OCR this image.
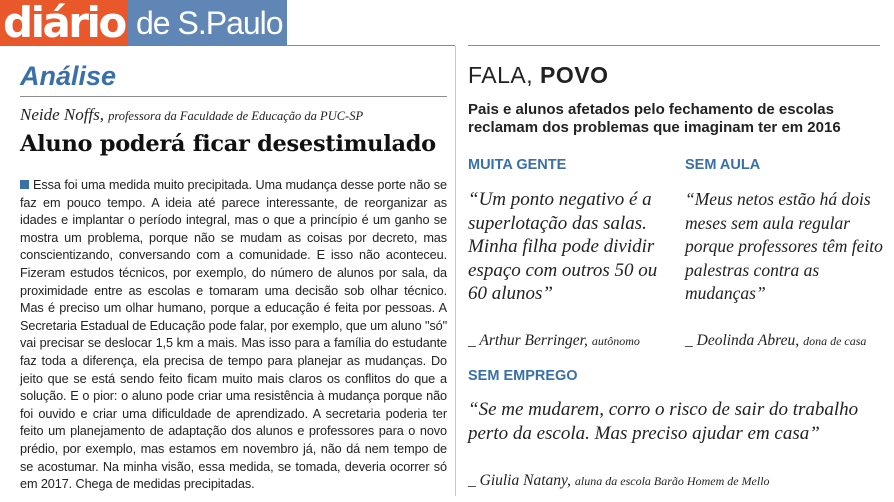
diário de S.Paulo
Análise
Neide Noffs, professora da Faculdade de Educação da PUC-SP
Aluno poderá ficar desestimulado
Essa foi uma medida muito precipitada. Uma mudança desse porte não se faz em pouco tempo. A ideia até parece interessante, de reorganizar as idades e implantar o período integral, mas o que a princípio é um ganho se mostra um problema, porque não se mudam as coisas por decreto, mas conscientizando, conversando com a comunidade. E isso não aconteceu. Fizeram estudos técnicos, por exemplo, do número de alunos por sala, da proximidade entre as escolas e tomaram uma decisão sob olhar técnico. Mas é preciso um olhar humano, porque a educação é feita por pessoas. A Secretaria Estadual de Educação pode falar, por exemplo, que um aluno "só" vai precisar se deslocar 1,5 km a mais. Mas isso para a família do estudante faz toda a diferença, ela precisa de tempo para planejar as mudanças. Do jeito que se está sendo feito ficam muito mais claros os conflitos do que a solução. E o pior: o aluno pode criar uma resistência à mudança porque não foi ouvido e criar uma dificuldade de aprendizado. A secretaria poderia ter feito um planejamento de adaptação dos alunos e professores para o novo prédio, por exemplo, mas estamos em novembro já, não dá nem tempo de se acostumar. Na minha visão, essa medida, se tomada, deveria ocorrer só em 2017. Chega de medidas precipitadas.
FALA, POVO
Pais e alunos afetados pelo fechamento de escolas reclamam dos problemas que imaginam ter em 2016
MUITA GENTE
“Um ponto negativo é a superlotação das salas. Minha filha pode dividir espaço com outros 50 ou 60 alunos”
_ Arthur Berringer, autônomo
SEM AULA
“Meus netos estão há dois meses sem aula regular porque professores têm feito palestras contra as mudanças”
_ Deolinda Abreu, dona de casa
SEM EMPREGO
“Se me mudarem, corro o risco de sair do trabalho perto da escola. Mas preciso ajudar em casa”
_ Giulia Natany, aluna da escola Barão Homem de Mello
